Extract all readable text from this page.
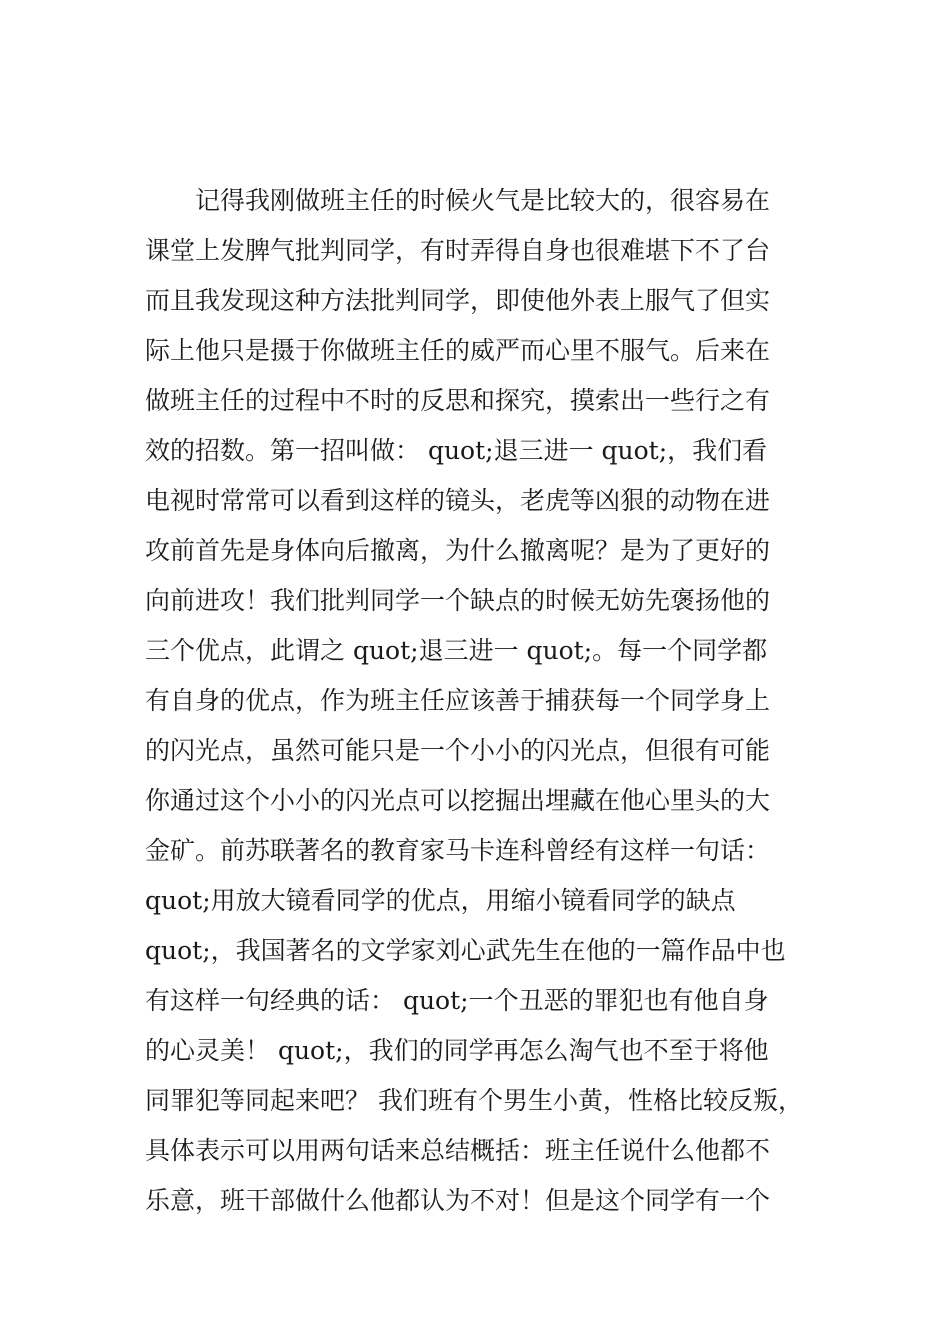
　　记得我刚做班主任的时候火气是比较大的，很容易在
课堂上发脾气批判同学，有时弄得自身也很难堪下不了台
而且我发现这种方法批判同学，即使他外表上服气了但实
际上他只是摄于你做班主任的威严而心里不服气。后来在
做班主任的过程中不时的反思和探究，摸索出一些行之有
效的招数。第一招叫做： quot;退三进一 quot;，我们看
电视时常常可以看到这样的镜头，老虎等凶狠的动物在进
攻前首先是身体向后撤离，为什么撤离呢？是为了更好的
向前进攻！我们批判同学一个缺点的时候无妨先褒扬他的
三个优点，此谓之 quot;退三进一 quot;。每一个同学都
有自身的优点，作为班主任应该善于捕获每一个同学身上
的闪光点，虽然可能只是一个小小的闪光点，但很有可能
你通过这个小小的闪光点可以挖掘出埋藏在他心里头的大
金矿。前苏联著名的教育家马卡连科曾经有这样一句话：
quot;用放大镜看同学的优点，用缩小镜看同学的缺点
quot;，我国著名的文学家刘心武先生在他的一篇作品中也
有这样一句经典的话： quot;一个丑恶的罪犯也有他自身
的心灵美！ quot;，我们的同学再怎么淘气也不至于将他
同罪犯等同起来吧？ 我们班有个男生小黄，性格比较反叛，
具体表示可以用两句话来总结概括：班主任说什么他都不
乐意，班干部做什么他都认为不对！但是这个同学有一个
